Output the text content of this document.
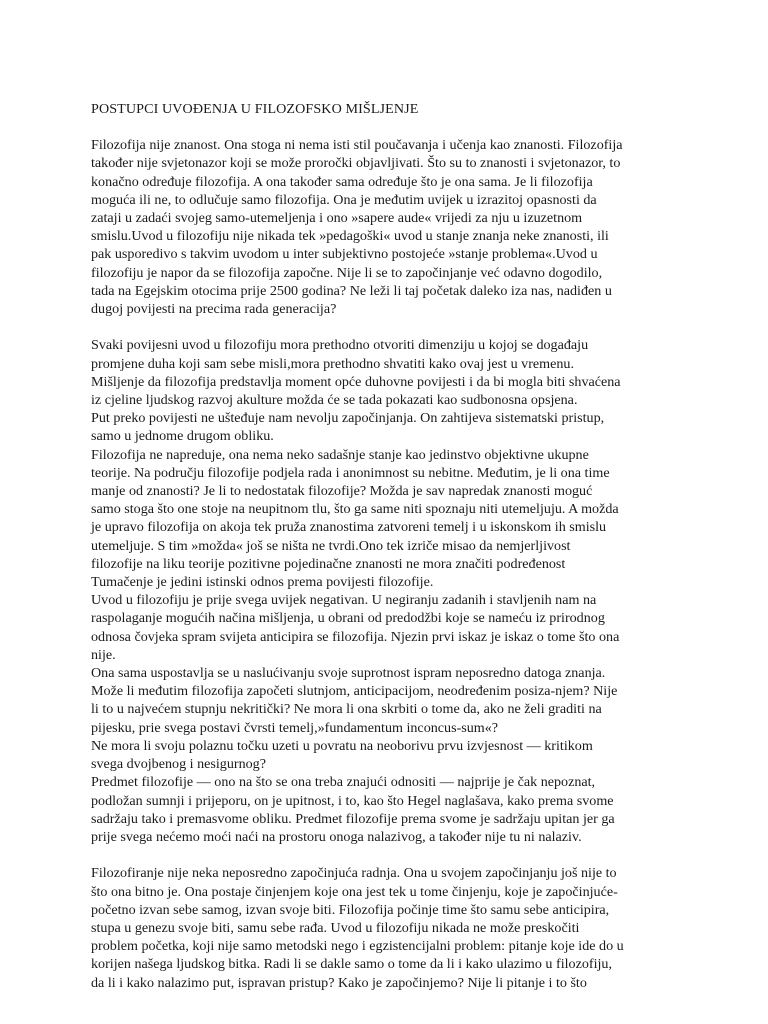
POSTUPCI UVOĐENJA U FILOZOFSKO MIŠLJENJE
Filozofija nije znanost. Ona stoga ni nema isti stil poučavanja i učenja kao znanosti. Filozofija
također nije svjetonazor koji se može proročki objavljivati. Što su to znanosti i svjetonazor, to
konačno određuje filozofija. A ona također sama određuje što je ona sama. Je li filozofija
moguća ili ne, to odlučuje samo filozofija. Ona je međutim uvijek u izrazitoj opasnosti da
zataji u zadaći svojeg samo-utemeljenja i ono »sapere aude« vrijedi za nju u izuzetnom
smislu.Uvod u filozofiju nije nikada tek »pedagoški« uvod u stanje znanja neke znanosti, ili
pak usporedivo s takvim uvodom u inter subjektivno postojeće »stanje problema«.Uvod u
filozofiju je napor da se filozofija započne. Nije li se to započinjanje već odavno dogodilo,
tada na Egejskim otocima prije 2500 godina? Ne leži li taj početak daleko iza nas, nadiđen u
dugoj povijesti na precima rada generacija?
Svaki povijesni uvod u filozofiju mora prethodno otvoriti dimenziju u kojoj se događaju
promjene duha koji sam sebe misli,mora prethodno shvatiti kako ovaj jest u vremenu.
Mišljenje da filozofija predstavlja moment opće duhovne povijesti i da bi mogla biti shvaćena
iz cjeline ljudskog razvoj akulture možda će se tada pokazati kao sudbonosna opsjena.
Put preko povijesti ne uštеđuje nam nevolju započinjanja. On zahtijeva sistematski pristup,
samo u jednome drugom obliku.
Filozofija ne napreduje, ona nema neko sadašnje stanje kao jedinstvo objektivne ukupne
teorije. Na području filozofije podjela rada i anonimnost su nebitne. Međutim, je li ona time
manje od znanosti? Je li to nedostatak filozofije? Možda je sav napredak znanosti moguć
samo stoga što one stoje na neupitnom tlu, što ga same niti spoznaju niti utemeljuju. A možda
je upravo filozofija on akoja tek pruža znanostima zatvoreni temelj i u iskonskom ih smislu
utemeljuje. S tim »možda« još se ništa ne tvrdi.Ono tek izriče misao da nemjerljivost
filozofije na liku teorije pozitivne pojedinačne znanosti ne mora značiti podređenost
Tumačenje je jedini istinski odnos prema povijesti filozofije.
Uvod u filozofiju je prije svega uvijek negativan. U negiranju zadanih i stavljenih nam na
raspolaganje mogućih načina mišljenja, u obrani od predodžbi koje se nameću iz prirodnog
odnosa čovjeka spram svijeta anticipira se filozofija. Njezin prvi iskaz je iskaz o tome što ona
nije.
Ona sama uspostavlja se u naslućivanju svoje suprotnost ispram neposredno datoga znanja.
Može li međutim filozofija započeti slutnjom, anticipacijom, neodređenim posiza-njem? Nije
li to u najvećem stupnju nekritički? Ne mora li ona skrbiti o tome da, ako ne želi graditi na
pijesku, prie svega postavi čvrsti temelj,»fundamentum inconcus-sum«?
Ne mora li svoju polaznu točku uzeti u povratu na neoborivu prvu izvjesnost — kritikom
svega dvojbenog i nesigurnog?
Predmet filozofije — ono na što se ona treba znajući odnositi — najprije je čak nepoznat,
podložan sumnji i prijeporu, on je upitnost, i to, kao što Hegel naglašava, kako prema svome
sadržaju tako i premasvome obliku. Predmet filozofije prema svome je sadržaju upitan jer ga
prije svega nećemo moći naći na prostoru onoga nalazivog, a također nije tu ni nalaziv.
Filozofiranje nije neka neposredno započinjuća radnja. Ona u svojem započinjanju još nije to
što ona bitno je. Ona postaje činjenjem koje ona jest tek u tome činjenju, koje je započinjuće-
početno izvan sebe samog, izvan svoje biti. Filozofija počinje time što samu sebe anticipira,
stupa u genezu svoje biti, samu sebe rađa. Uvod u filozofiju nikada ne može preskočiti
problem početka, koji nije samo metodski nego i egzistencijalni problem: pitanje koje ide do u
korijen našega ljudskog bitka. Radi li se dakle samo o tome da li i kako ulazimo u filozofiju,
da li i kako nalazimo put, ispravan pristup? Kako je započinjemo? Nije li pitanje i to što
